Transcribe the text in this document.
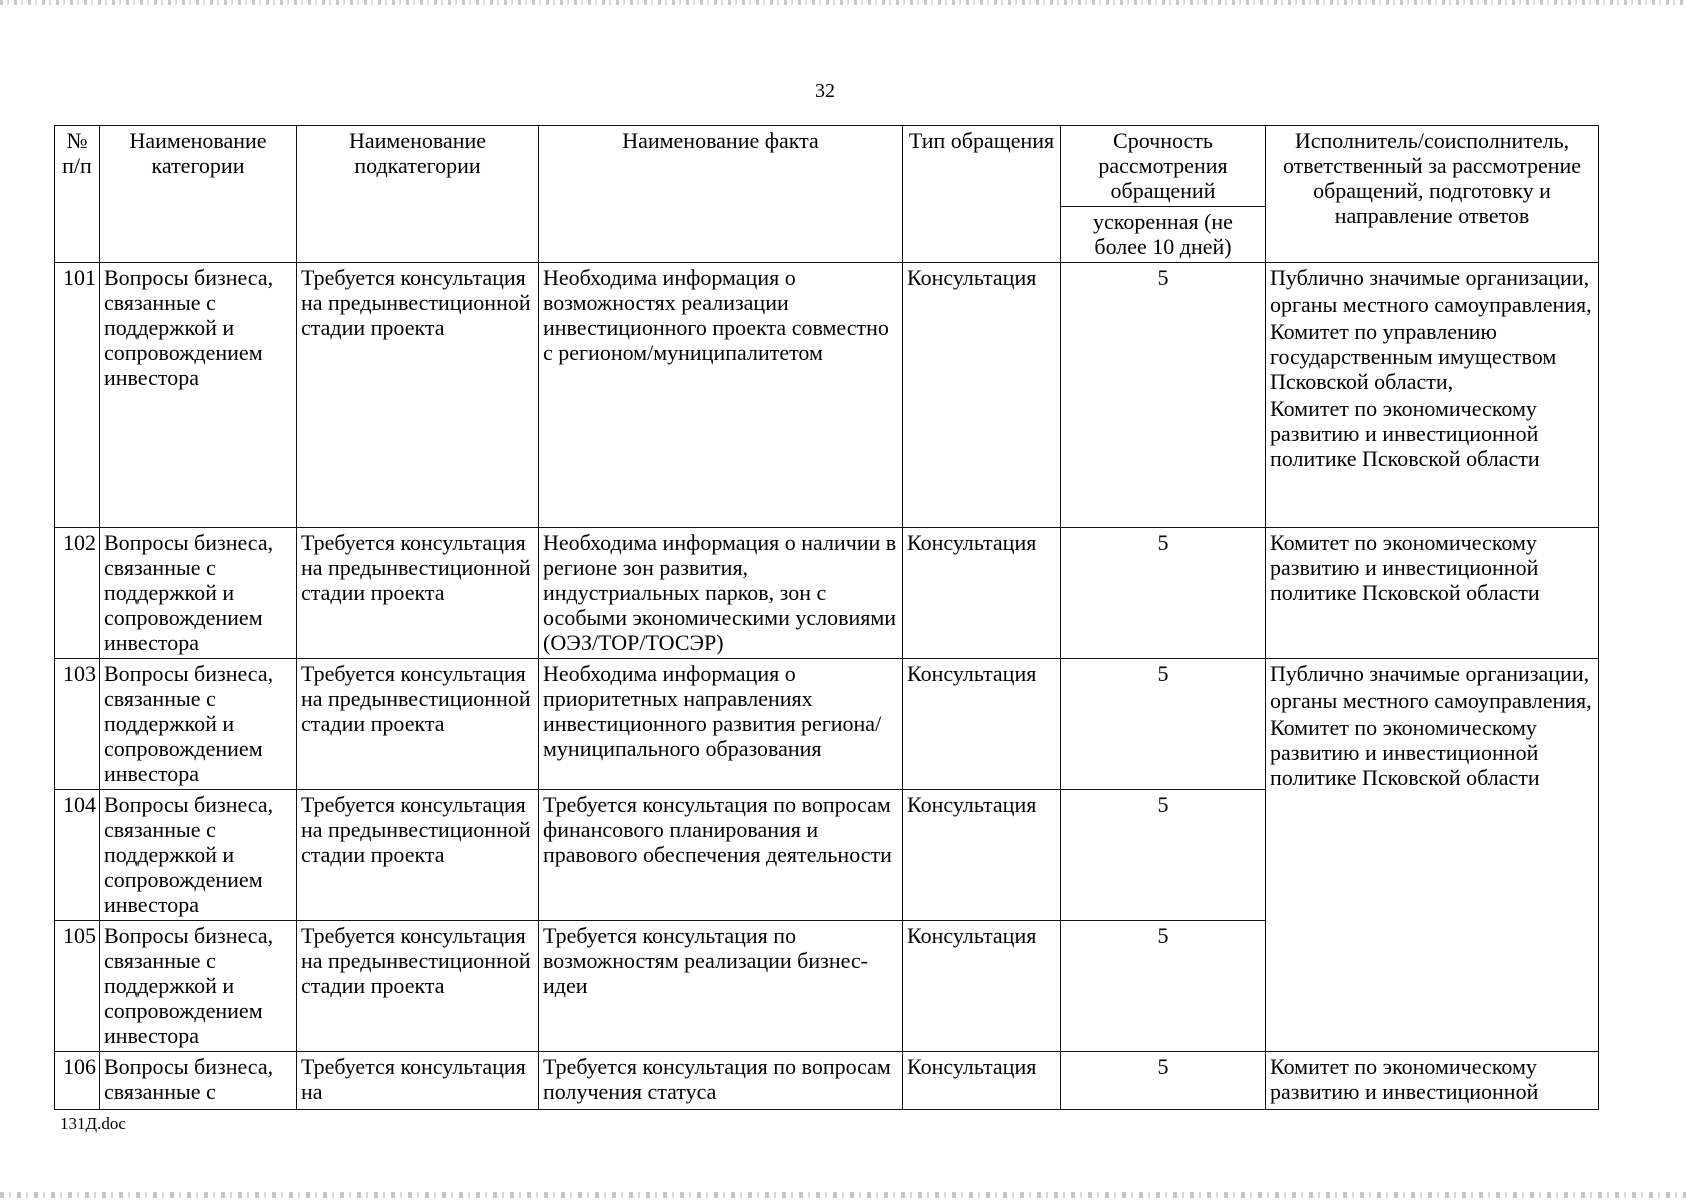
32
№ п/п	Наименование категории	Наименование подкатегории	Наименование факта	Тип обращения	Срочность рассмотрения обращений	Исполнитель/соисполнитель, ответственный за рассмотрение обращений, подготовку и направление ответов
					ускоренная (не более 10 дней)	
101	Вопросы бизнеса, связанные с поддержкой и сопровождением инвестора	Требуется консультация на предынвестиционной стадии проекта	Необходима информация о возможностях реализации инвестиционного проекта совместно с регионом/муниципалитетом	Консультация	5	Публично значимые организации,
органы местного самоуправления,
Комитет по управлению государственным имуществом Псковской области,
Комитет по экономическому развитию и инвестиционной политике Псковской области

102	Вопросы бизнеса, связанные с поддержкой и сопровождением инвестора	Требуется консультация на предынвестиционной стадии проекта	Необходима информация о наличии в регионе зон развития, индустриальных парков, зон с особыми экономическими условиями (ОЭЗ/ТОР/ТОСЭР)	Консультация	5	Комитет по экономическому развитию и инвестиционной политике Псковской области

103	Вопросы бизнеса, связанные с поддержкой и сопровождением инвестора	Требуется консультация на предынвестиционной стадии проекта	Необходима информация о приоритетных направлениях инвестиционного развития региона/муниципального образования	Консультация	5	Публично значимые организации,
органы местного самоуправления,
Комитет по экономическому развитию и инвестиционной политике Псковской области

104	Вопросы бизнеса, связанные с поддержкой и сопровождением инвестора	Требуется консультация на предынвестиционной стадии проекта	Требуется консультация по вопросам финансового планирования и правового обеспечения деятельности	Консультация	5	
105	Вопросы бизнеса, связанные с поддержкой и сопровождением инвестора	Требуется консультация на предынвестиционной стадии проекта	Требуется консультация по возможностям реализации бизнес-идеи	Консультация	5	
106	Вопросы бизнеса, связанные с	Требуется консультация на	Требуется консультация по вопросам получения статуса	Консультация	5	Комитет по экономическому развитию и инвестиционной
131Д.doc
